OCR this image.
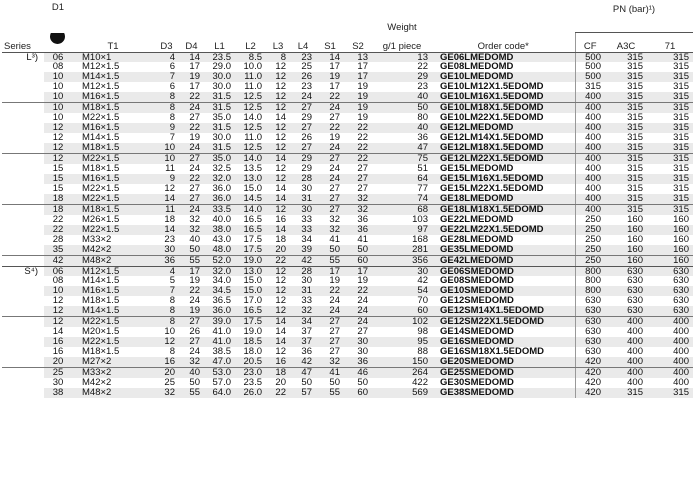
	D1										Weight		PN (bar)¹)		
Series		T1	D3	D4	L1	L2	L3	L4	S1	S2	g/1 piece	Order code*	CF	A3C	71
L³)	06	M10×1	4	14	23.5	8.5	8	23	14	13	13	GE06LMEDOMD	500	315	315
	08	M12×1.5	6	17	29.0	10.0	12	25	17	17	22	GE08LMEDOMD	500	315	315
	10	M14×1.5	7	19	30.0	11.0	12	26	19	17	29	GE10LMEDOMD	500	315	315
	10	M12×1.5	6	17	30.0	11.0	12	23	17	19	23	GE10LM12X1.5EDOMD	315	315	315
	10	M16×1.5	8	22	31.5	12.5	12	24	22	19	40	GE10LM16X1.5EDOMD	400	315	315
	10	M18×1.5	8	24	31.5	12.5	12	27	24	19	50	GE10LM18X1.5EDOMD	400	315	315
	10	M22×1.5	8	27	35.0	14.0	14	29	27	19	80	GE10LM22X1.5EDOMD	400	315	315
	12	M16×1.5	9	22	31.5	12.5	12	27	22	22	40	GE12LMEDOMD	400	315	315
	12	M14×1.5	7	19	30.0	11.0	12	26	19	22	36	GE12LM14X1.5EDOMD	400	315	315
	12	M18×1.5	10	24	31.5	12.5	12	27	24	22	47	GE12LM18X1.5EDOMD	400	315	315
	12	M22×1.5	10	27	35.0	14.0	14	29	27	22	75	GE12LM22X1.5EDOMD	400	315	315
	15	M18×1.5	11	24	32.5	13.5	12	29	24	27	51	GE15LMEDOMD	400	315	315
	15	M16×1.5	9	22	32.0	13.0	12	28	24	27	64	GE15LM16X1.5EDOMD	400	315	315
	15	M22×1.5	12	27	36.0	15.0	14	30	27	27	77	GE15LM22X1.5EDOMD	400	315	315
	18	M22×1.5	14	27	36.0	14.5	14	31	27	32	74	GE18LMEDOMD	400	315	315
	18	M18×1.5	11	24	33.5	14.0	12	30	27	32	68	GE18LM18X1.5EDOMD	400	315	315
	22	M26×1.5	18	32	40.0	16.5	16	33	32	36	103	GE22LMEDOMD	250	160	160
	22	M22×1.5	14	32	38.0	16.5	14	33	32	36	97	GE22LM22X1.5EDOMD	250	160	160
	28	M33×2	23	40	43.0	17.5	18	34	41	41	168	GE28LMEDOMD	250	160	160
	35	M42×2	30	50	48.0	17.5	20	39	50	50	281	GE35LMEDOMD	250	160	160
	42	M48×2	36	55	52.0	19.0	22	42	55	60	356	GE42LMEDOMD	250	160	160
S⁴)	06	M12×1.5	4	17	32.0	13.0	12	28	17	17	30	GE06SMEDOMD	800	630	630
	08	M14×1.5	5	19	34.0	15.0	12	30	19	19	42	GE08SMEDOMD	800	630	630
	10	M16×1.5	7	22	34.5	15.0	12	31	22	22	54	GE10SMEDOMD	800	630	630
	12	M18×1.5	8	24	36.5	17.0	12	33	24	24	70	GE12SMEDOMD	630	630	630
	12	M14×1.5	8	19	36.0	16.5	12	32	24	24	60	GE12SM14X1.5EDOMD	630	630	630
	12	M22×1.5	8	27	39.0	17.5	14	34	27	24	102	GE12SM22X1.5EDOMD	630	400	400
	14	M20×1.5	10	26	41.0	19.0	14	37	27	27	98	GE14SMEDOMD	630	400	400
	16	M22×1.5	12	27	41.0	18.5	14	37	27	30	95	GE16SMEDOMD	630	400	400
	16	M18×1.5	8	24	38.5	18.0	12	36	27	30	88	GE16SM18X1.5EDOMD	630	400	400
	20	M27×2	16	32	47.0	20.5	16	42	32	36	150	GE20SMEDOMD	420	400	400
	25	M33×2	20	40	53.0	23.0	18	47	41	46	264	GE25SMEDOMD	420	400	400
	30	M42×2	25	50	57.0	23.5	20	50	50	50	422	GE30SMEDOMD	420	400	400
	38	M48×2	32	55	64.0	26.0	22	57	55	60	569	GE38SMEDOMD	420	315	315
